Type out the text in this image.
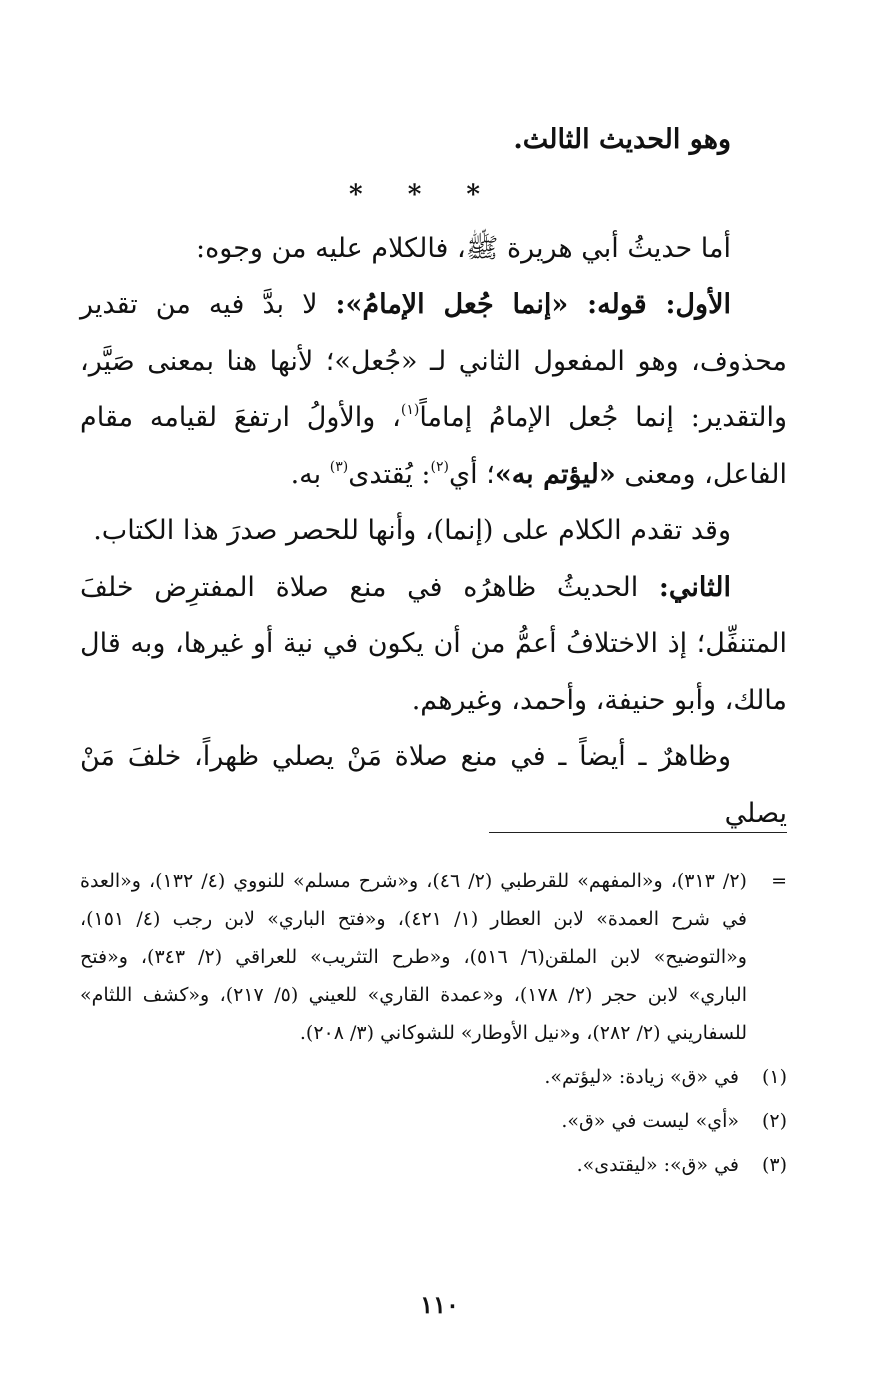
وهو الحديث الثالث.

* * *

أما حديثُ أبي هريرة ﷺ، فالكلام عليه من وجوه:

الأول: قوله: «إنما جُعل الإمامُ»: لا بدَّ فيه من تقدير محذوف، وهو المفعول الثاني لـ «جُعل»؛ لأنها هنا بمعنى صَيَّر، والتقدير: إنما جُعل الإمامُ إماماً$^{(١)}$، والأولُ ارتفعَ لقيامه مقام الفاعل، ومعنى «ليؤتم به»؛ أي$^{(٢)}$: يُقتدى$^{(٣)}$ به.

وقد تقدم الكلام على (إنما)، وأنها للحصر صدرَ هذا الكتاب.

الثاني: الحديثُ ظاهرُه في منع صلاة المفترِض خلفَ المتنفِّل؛ إذ الاختلافُ أعمُّ من أن يكون في نية أو غيرها، وبه قال مالك، وأبو حنيفة، وأحمد، وغيرهم.

وظاهرٌ ـ أيضاً ـ في منع صلاة مَنْ يصلي ظهراً، خلفَ مَنْ يصلي

=
(٢/ ٣١٣)، و«المفهم» للقرطبي (٢/ ٤٦)، و«شرح مسلم» للنووي (٤/ ١٣٢)، و«العدة في شرح العمدة» لابن العطار (١/ ٤٢١)، و«فتح الباري» لابن رجب (٤/ ١٥١)، و«التوضيح» لابن الملقن(٦/ ٥١٦)، و«طرح التثريب» للعراقي (٢/ ٣٤٣)، و«فتح الباري» لابن حجر (٢/ ١٧٨)، و«عمدة القاري» للعيني (٥/ ٢١٧)، و«كشف اللثام» للسفاريني (٢/ ٢٨٢)، و«نيل الأوطار» للشوكاني (٣/ ٢٠٨).
(١)
في «ق» زيادة: «ليؤتم».
(٢)
«أي» ليست في «ق».
(٣)
في «ق»: «ليقتدى».
١١٠
